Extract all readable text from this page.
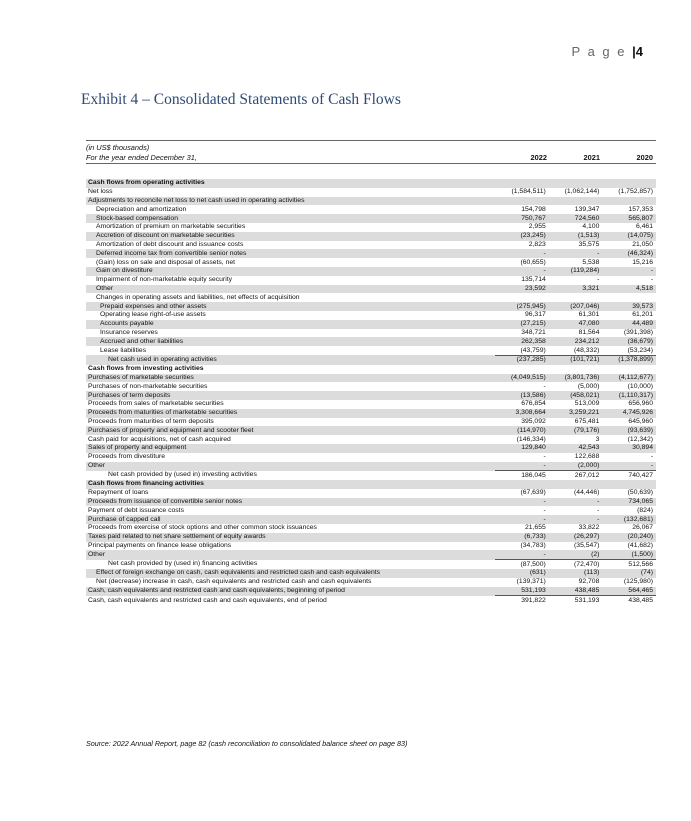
P a g e |4
Exhibit 4 – Consolidated Statements of Cash Flows
(in US$ thousands)
For the year ended December 31,	2022	2021	2020
Cash flows from operating activities			
Net loss	(1,584,511)	(1,062,144)	(1,752,857)
Adjustments to reconcile net loss to net cash used in operating activities			
Depreciation and amortization	154,798	139,347	157,353
Stock-based compensation	750,767	724,560	565,807
Amortization of premium on marketable securities	2,955	4,100	6,461
Accretion of discount on marketable securities	(23,245)	(1,513)	(14,075)
Amortization of debt discount and issuance costs	2,823	35,575	21,050
Deferred income tax from convertible senior notes	-	-	(46,324)
(Gain) loss on sale and disposal of assets, net	(60,655)	5,538	15,216
Gain on divestiture	-	(119,284)	-
Impairment of non-marketable equity security	135,714	-	-
Other	23,592	3,321	4,518
Changes in operating assets and liabilities, net effects of acquisition			
Prepaid expenses and other assets	(275,945)	(207,046)	39,573
Operating lease right-of-use assets	96,317	61,301	61,201
Accounts payable	(27,215)	47,080	44,489
Insurance reserves	348,721	81,564	(391,398)
Accrued and other liabilities	262,358	234,212	(36,679)
Lease liabilities	(43,759)	(48,332)	(53,234)
Net cash used in operating activities	(237,285)	(101,721)	(1,378,899)
Cash flows from investing activities			
Purchases of marketable securities	(4,049,515)	(3,801,736)	(4,112,677)
Purchases of non-marketable securities	-	(5,000)	(10,000)
Purchases of term deposits	(13,586)	(458,021)	(1,110,317)
Proceeds from sales of marketable securities	676,854	513,009	656,960
Proceeds from maturities of marketable securities	3,308,664	3,259,221	4,745,926
Proceeds from maturities of term deposits	395,092	675,481	645,960
Purchases of property and equipment and scooter fleet	(114,970)	(79,176)	(93,639)
Cash paid for acquisitions, net of cash acquired	(146,334)	3	(12,342)
Sales of property and equipment	129,840	42,543	30,894
Proceeds from divestiture	-	122,688	-
Other	-	(2,000)	-
Net cash provided by (used in) investing activities	186,045	267,012	740,427
Cash flows from financing activities			
Repayment of loans	(67,639)	(44,446)	(50,639)
Proceeds from issuance of convertible senior notes	-	-	734,065
Payment of debt issuance costs	-	-	(824)
Purchase of capped call	-	-	(132,681)
Proceeds from exercise of stock options and other common stock issuances	21,655	33,822	26,067
Taxes paid related to net share settlement of equity awards	(6,733)	(26,297)	(20,240)
Principal payments on finance lease obligations	(34,783)	(35,547)	(41,682)
Other	-	(2)	(1,500)
Net cash provided by (used in) financing activities	(87,500)	(72,470)	512,566
Effect of foreign exchange on cash, cash equivalents and restricted cash and cash equivalents	(631)	(113)	(74)
Net (decrease) increase in cash, cash equivalents and restricted cash and cash equivalents	(139,371)	92,708	(125,980)
Cash, cash equivalents and restricted cash and cash equivalents, beginning of period	531,193	438,485	564,465
Cash, cash equivalents and restricted cash and cash equivalents, end of period	391,822	531,193	438,485
Source: 2022 Annual Report, page 82 (cash reconciliation to consolidated balance sheet on page 83)
